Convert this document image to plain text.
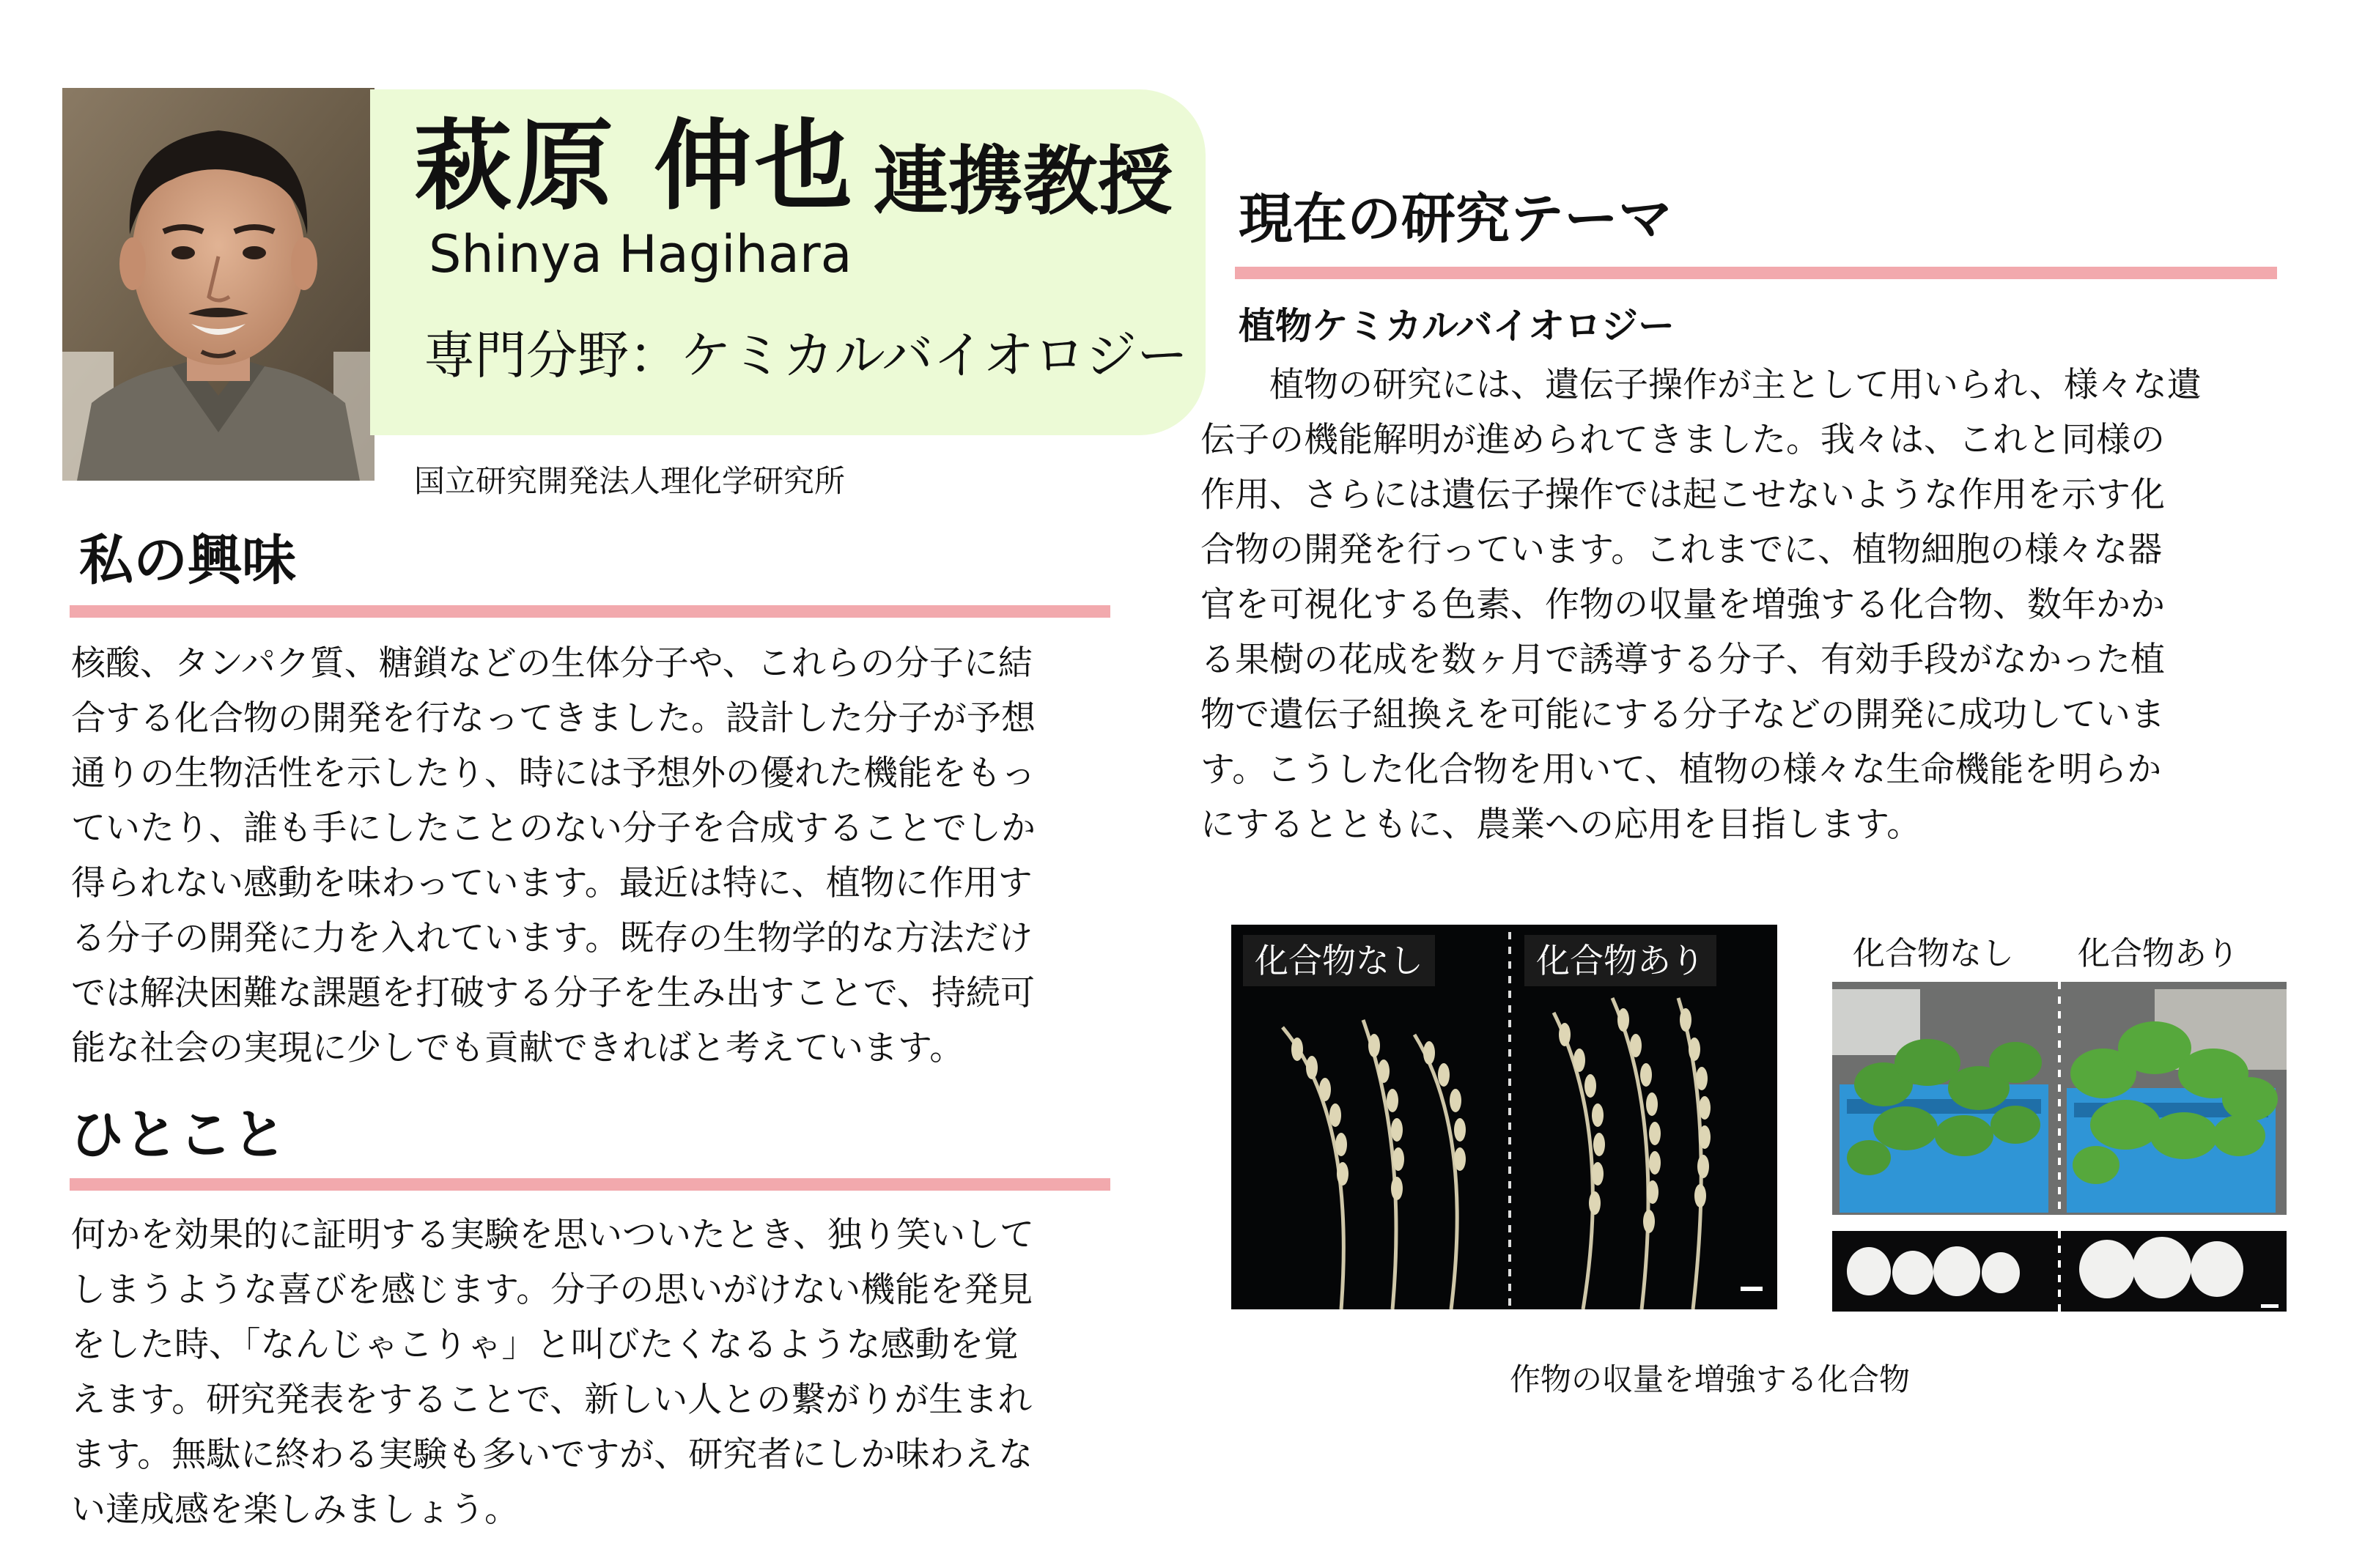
萩原 伸也 連携教授
Shinya Hagihara
専門分野：ケミカルバイオロジー
国立研究開発法人理化学研究所
私の興味

核酸、タンパク質、糖鎖などの生体分子や、これらの分子に結

合する化合物の開発を行なってきました。設計した分子が予想

通りの生物活性を示したり、時には予想外の優れた機能をもっ

ていたり、誰も手にしたことのない分子を合成することでしか

得られない感動を味わっています。最近は特に、植物に作用す

る分子の開発に力を入れています。既存の生物学的な方法だけ

では解決困難な課題を打破する分子を生み出すことで、持続可

能な社会の実現に少しでも貢献できればと考えています。

ひとこと

何かを効果的に証明する実験を思いついたとき、独り笑いして

しまうような喜びを感じます。分子の思いがけない機能を発見

をした時、「なんじゃこりゃ」と叫びたくなるような感動を覚

えます。研究発表をすることで、新しい人との繋がりが生まれ

ます。無駄に終わる実験も多いですが、研究者にしか味わえな

い達成感を楽しみましょう。

現在の研究テーマ
植物ケミカルバイオロジー

植物の研究には、遺伝子操作が主として用いられ、様々な遺

伝子の機能解明が進められてきました。我々は、これと同様の

作用、さらには遺伝子操作では起こせないような作用を示す化

合物の開発を行っています。これまでに、植物細胞の様々な器

官を可視化する色素、作物の収量を増強する化合物、数年かか

る果樹の花成を数ヶ月で誘導する分子、有効手段がなかった植

物で遺伝子組換えを可能にする分子などの開発に成功していま

す。こうした化合物を用いて、植物の様々な生命機能を明らか

にするとともに、農業への応用を目指します。

化合物なし	化合物あり	化合物なし 化合物あり
作物の収量を増強する化合物
